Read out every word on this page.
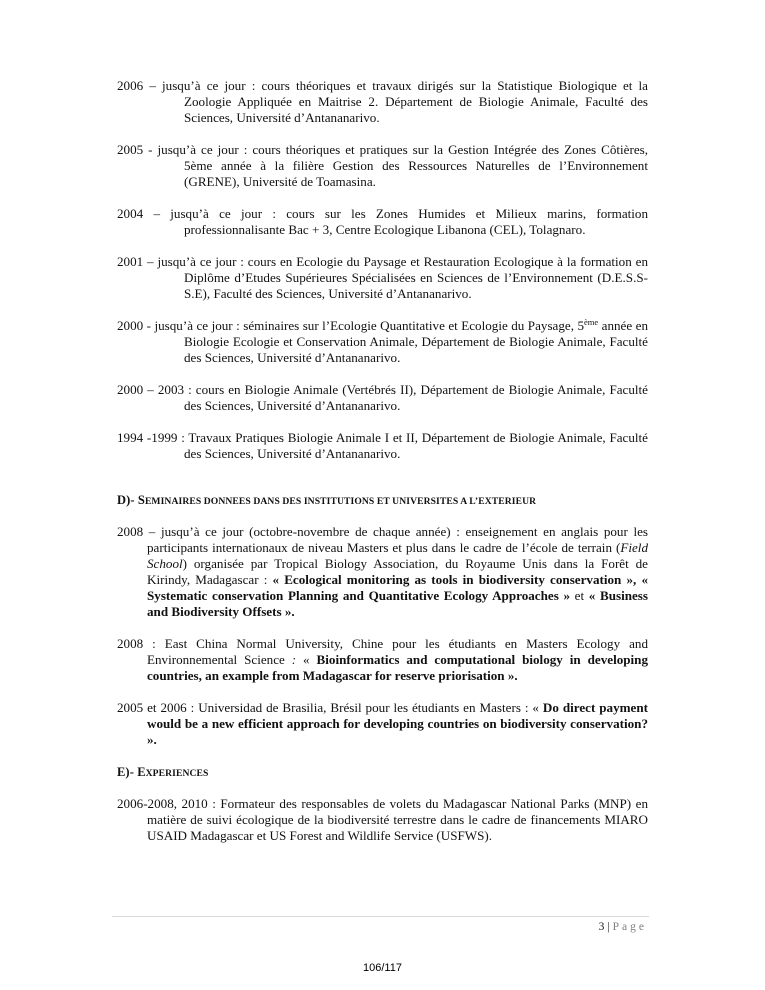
2006 – jusqu’à ce jour : cours théoriques et travaux dirigés sur la Statistique Biologique et la Zoologie Appliquée en Maitrise 2. Département de Biologie Animale, Faculté des Sciences, Université d’Antananarivo.

2005 - jusqu’à ce jour : cours théoriques et pratiques sur la Gestion Intégrée des Zones Côtières, 5ème année à la filière Gestion des Ressources Naturelles de l’Environnement (GRENE), Université de Toamasina.

2004 – jusqu’à ce jour : cours sur les Zones Humides et Milieux marins, formation professionnalisante Bac + 3, Centre Ecologique Libanona (CEL), Tolagnaro.

2001 – jusqu’à ce jour : cours en Ecologie du Paysage et Restauration Ecologique à la formation en Diplôme d’Etudes Supérieures Spécialisées en Sciences de l’Environnement (D.E.S.S-S.E), Faculté des Sciences, Université d’Antananarivo.

2000 - jusqu’à ce jour : séminaires sur l’Ecologie Quantitative et Ecologie du Paysage, 5ème année en Biologie Ecologie et Conservation Animale, Département de Biologie Animale, Faculté des Sciences, Université d’Antananarivo.

2000 – 2003 : cours en Biologie Animale (Vertébrés II), Département de Biologie Animale, Faculté des Sciences, Université d’Antananarivo.

1994 -1999 : Travaux Pratiques Biologie Animale I et II, Département de Biologie Animale, Faculté des Sciences, Université d’Antananarivo.

D)- SEMINAIRES DONNEES DANS DES INSTITUTIONS ET UNIVERSITES A L’EXTERIEUR

2008 – jusqu’à ce jour (octobre-novembre de chaque année) : enseignement en anglais pour les participants internationaux de niveau Masters et plus dans le cadre de l’école de terrain (Field School) organisée par Tropical Biology Association, du Royaume Unis dans la Forêt de Kirindy, Madagascar : « Ecological monitoring as tools in biodiversity conservation », « Systematic conservation Planning and Quantitative Ecology Approaches » et « Business and Biodiversity Offsets ».

2008 : East China Normal University, Chine pour les étudiants en Masters Ecology and Environnemental Science : « Bioinformatics and computational biology in developing countries, an example from Madagascar for reserve priorisation ».

2005 et 2006 : Universidad de Brasilia, Brésil pour les étudiants en Masters : « Do direct payment would be a new efficient approach for developing countries on biodiversity conservation? ».

E)- EXPERIENCES

2006-2008, 2010 : Formateur des responsables de volets du Madagascar National Parks (MNP) en matière de suivi écologique de la biodiversité terrestre dans le cadre de financements MIARO USAID Madagascar et US Forest and Wildlife Service (USFWS).

3 | Page
106/117
